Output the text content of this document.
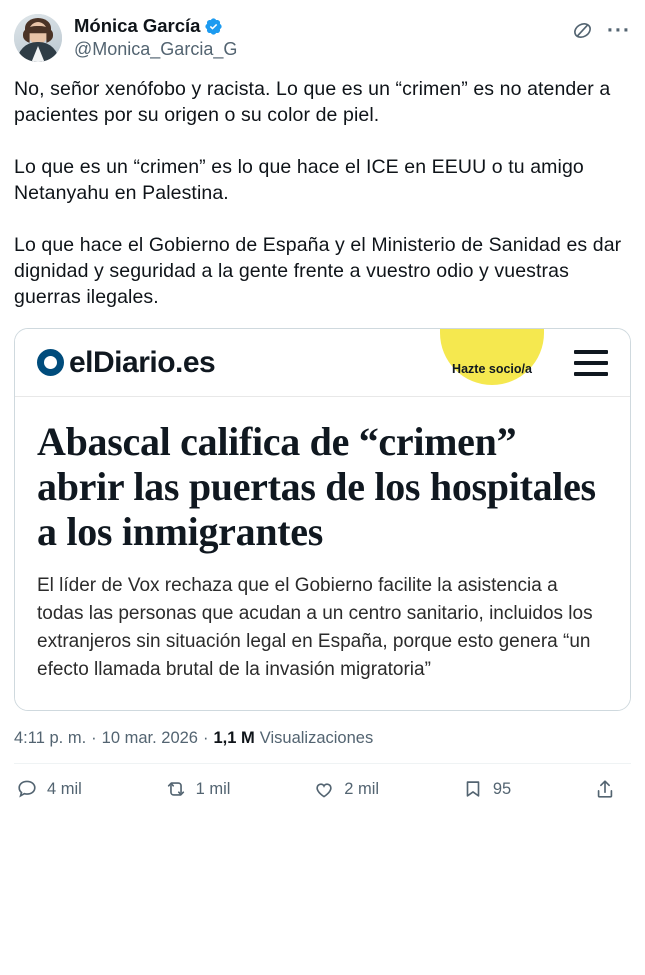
Mónica García
@Monica_Garcia_G
···

No, señor xenófobo y racista. Lo que es un “crimen” es no atender a pacientes por su origen o su color de piel.

Lo que es un “crimen” es lo que hace el ICE en EEUU o tu amigo Netanyahu en Palestina.

Lo que hace el Gobierno de España y el Ministerio de Sanidad es dar dignidad y seguridad a la gente frente a vuestro odio y vuestras guerras ilegales.

elDiario.es	Hazte socio/a
Abascal califica de “crimen” abrir las puertas de los hospitales a los inmigrantes
El líder de Vox rechaza que el Gobierno facilite la asistencia a todas las personas que acudan a un centro sanitario, incluidos los extranjeros sin situación legal en España, porque esto genera “un efecto llamada brutal de la invasión migratoria”
4:11 p. m. · 10 mar. 2026 · 1,1 M Visualizaciones
4 mil	1 mil	2 mil	95
